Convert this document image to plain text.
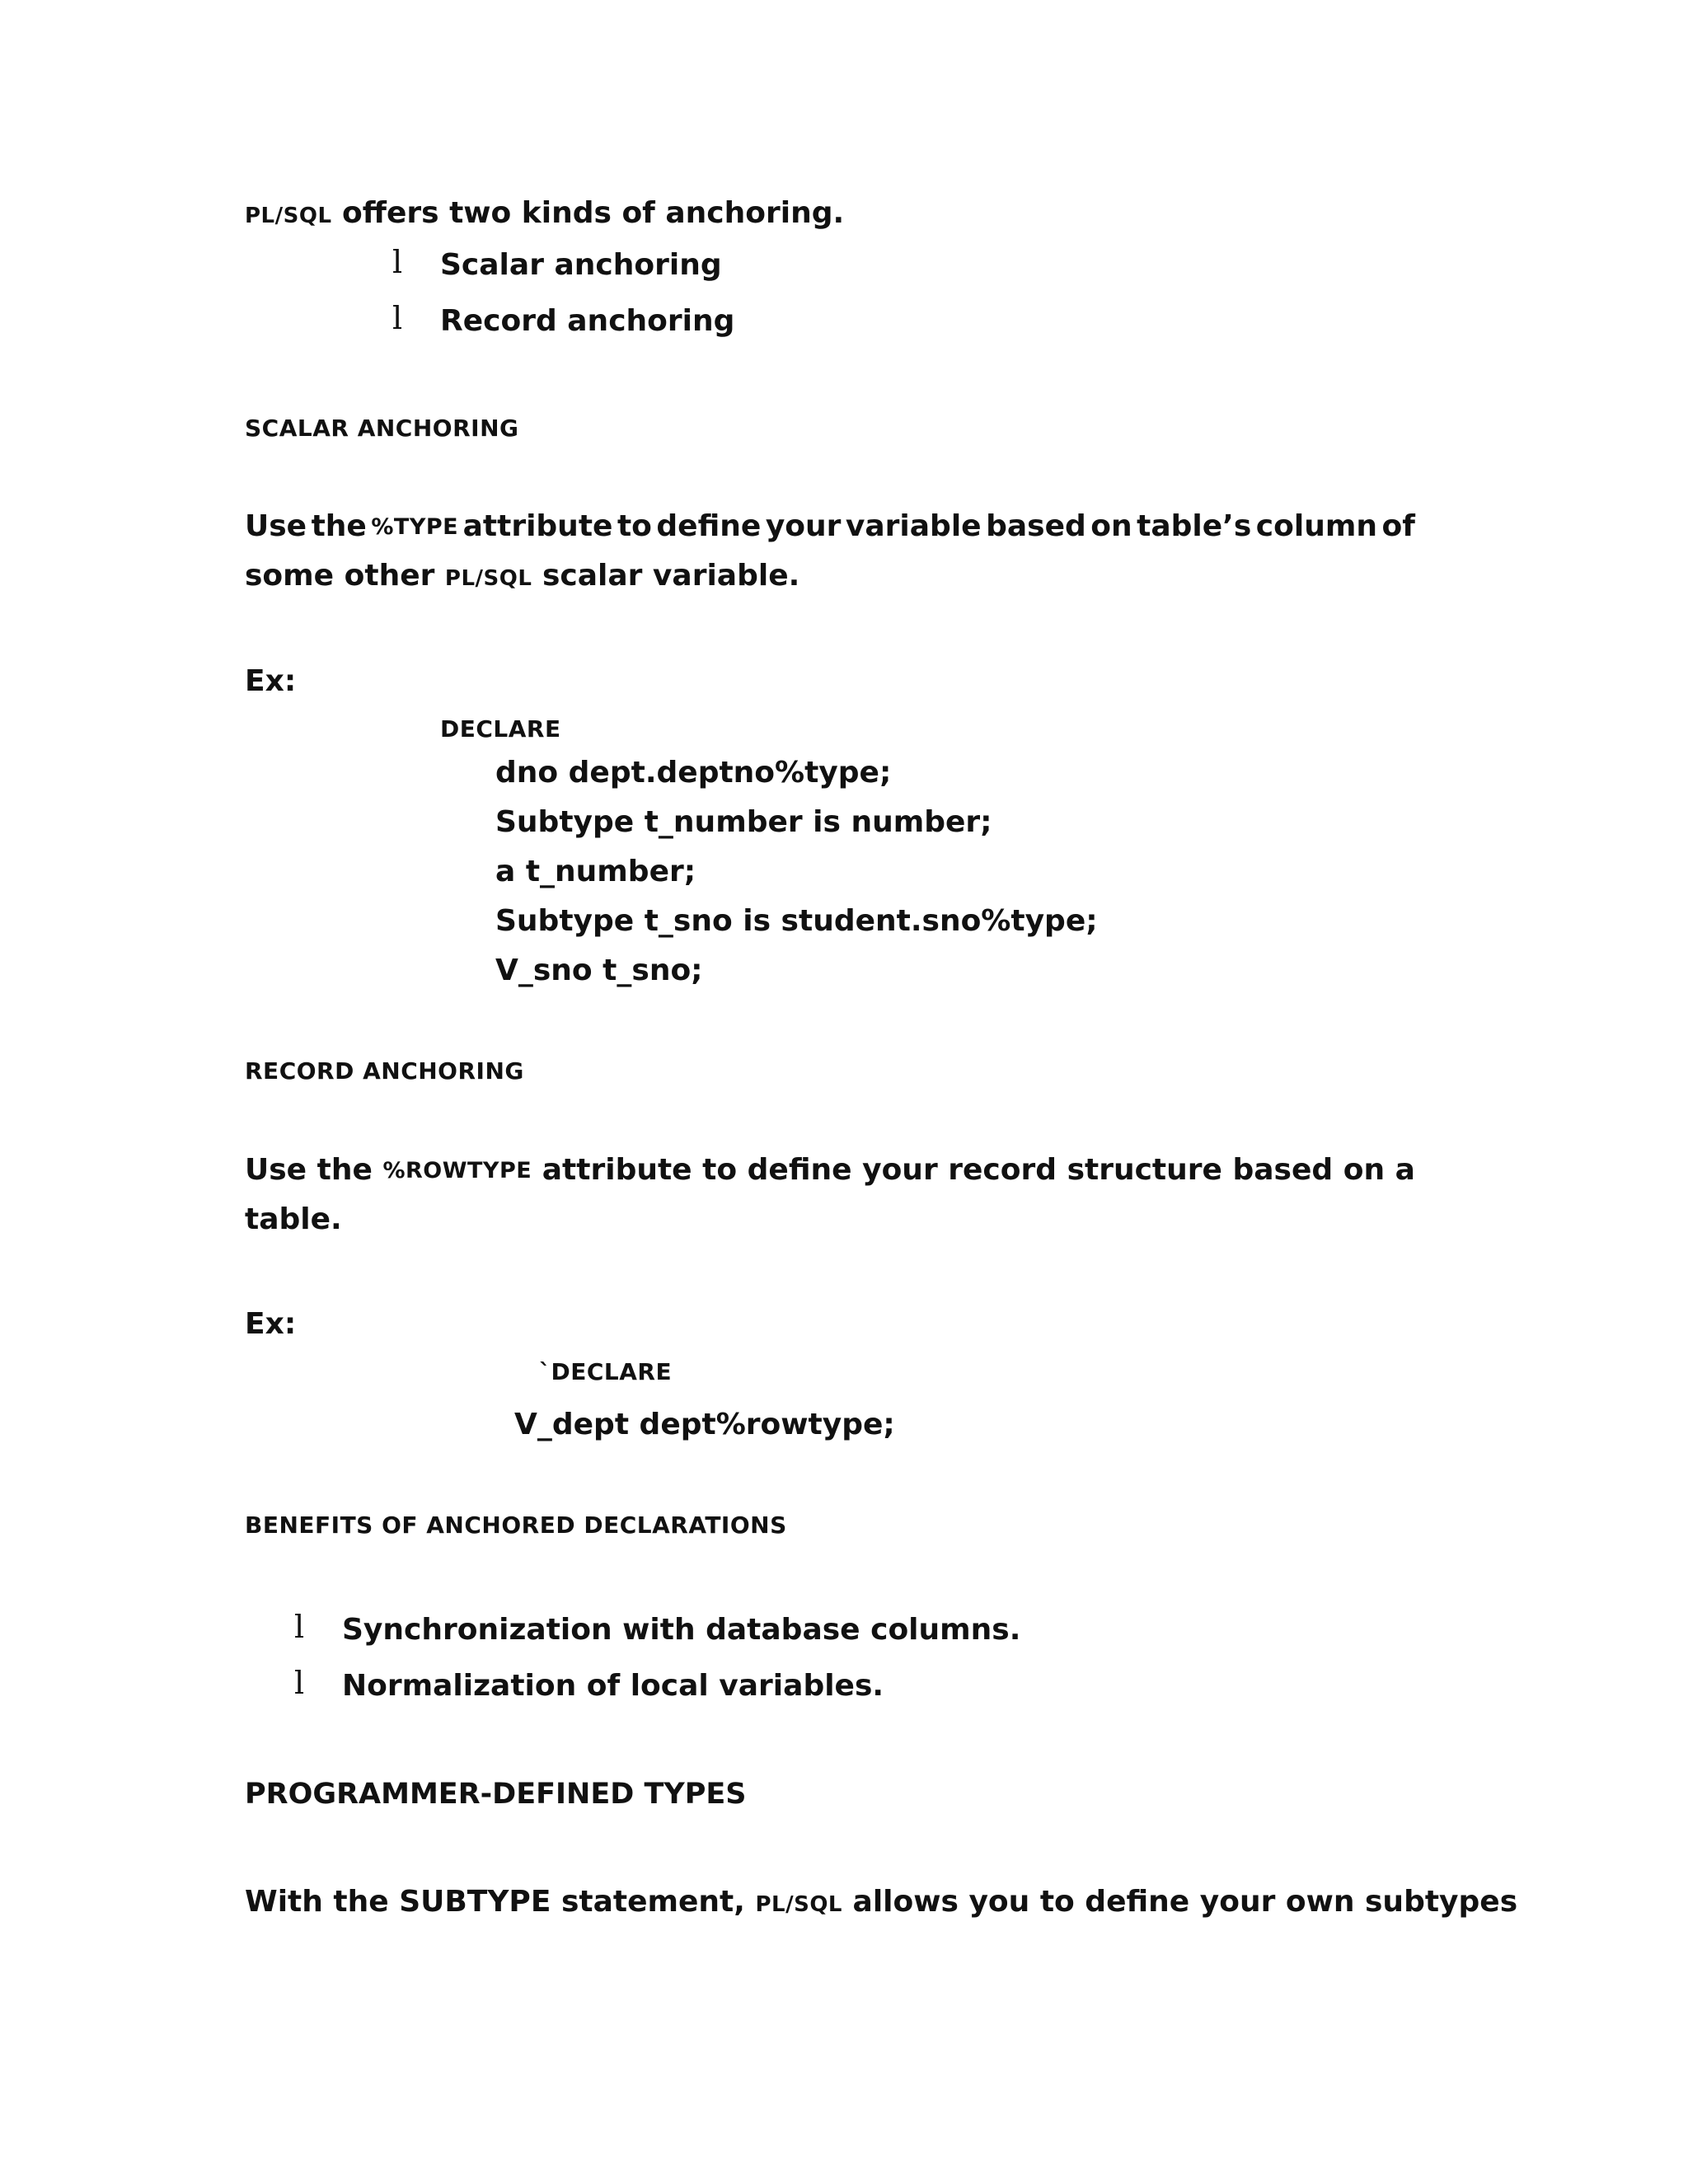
PL/SQL offers two kinds of anchoring.
l Scalar anchoring
l Record anchoring
SCALAR ANCHORING
Use the %TYPE attribute to define your variable based on table’s column of
some other PL/SQL scalar variable.
Ex:
DECLARE
dno dept.deptno%type;
Subtype t_number is number;
a t_number;
Subtype t_sno is student.sno%type;
V_sno t_sno;
RECORD ANCHORING
Use the %ROWTYPE attribute to define your record structure based on a
table.
Ex:
`DECLARE
V_dept dept%rowtype;
BENEFITS OF ANCHORED DECLARATIONS
l Synchronization with database columns.
l Normalization of local variables.
PROGRAMMER-DEFINED TYPES
With the SUBTYPE statement, PL/SQL allows you to define your own subtypes
